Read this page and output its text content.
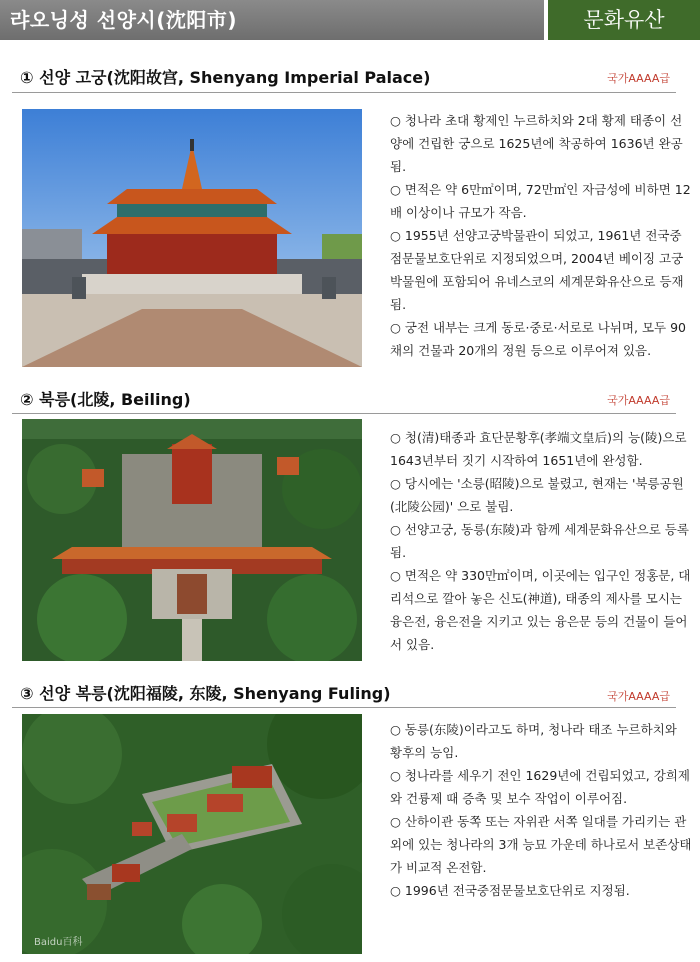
랴오닝성 선양시(沈阳市)	문화유산
① 선양 고궁(沈阳故宫, Shenyang Imperial Palace)	국가AAAA급
○ 청나라 초대 황제인 누르하치와 2대 황제 태종이 선양에 건립한 궁으로 1625년에 착공하여 1636년 완공됨.
○ 면적은 약 6만㎡이며, 72만㎡인 자금성에 비하면 12배 이상이나 규모가 작음.
○ 1955년 선양고궁박물관이 되었고, 1961년 전국중점문물보호단위로 지정되었으며, 2004년 베이징 고궁박물원에 포함되어 유네스코의 세계문화유산으로 등재됨.
○ 궁전 내부는 크게 동로·중로·서로로 나뉘며, 모두 90채의 건물과 20개의 정원 등으로 이루어져 있음.
② 북릉(北陵, Beiling)	국가AAAA급
○ 청(清)태종과 효단문황후(孝端文皇后)의 능(陵)으로 1643년부터 짓기 시작하여 1651년에 완성함.
○ 당시에는 '소릉(昭陵)으로 불렸고, 현재는 '북릉공원(北陵公园)' 으로 불림.
○ 선양고궁, 동릉(东陵)과 함께 세계문화유산으로 등록됨.
○ 면적은 약 330만㎡이며, 이곳에는 입구인 정홍문, 대리석으로 깔아 놓은 신도(神道), 태종의 제사를 모시는 융은전, 융은전을 지키고 있는 융은문 등의 건물이 들어서 있음.
③ 선양 복릉(沈阳福陵, 东陵, Shenyang Fuling)	국가AAAA급
Baidu百科
○ 동릉(东陵)이라고도 하며, 청나라 태조 누르하치와 황후의 능임.
○ 청나라를 세우기 전인 1629년에 건립되었고, 강희제와 건륭제 때 증축 및 보수 작업이 이루어짐.
○ 산하이관 동쪽 또는 자위관 서쪽 일대를 가리키는 관외에 있는 청나라의 3개 능묘 가운데 하나로서 보존상태가 비교적 온전함.
○ 1996년 전국중점문물보호단위로 지정됨.
